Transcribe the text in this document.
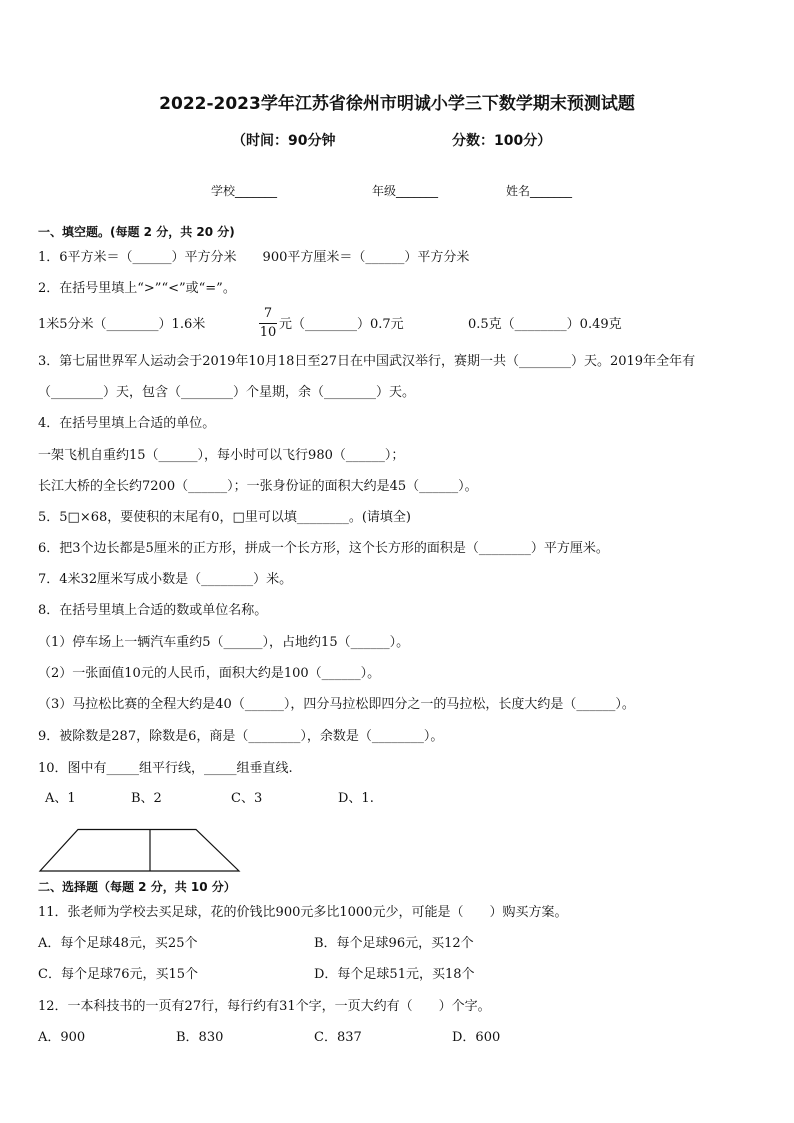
2022-2023学年江苏省徐州市明诚小学三下数学期末预测试题
（时间：90分钟	分数：100分）
学校_______	年级_______	姓名_______
一、填空题。(每题 2 分，共 20 分)
1．6平方米＝（______）平方分米　　900平方厘米＝（______）平方分米
2．在括号里填上“>”“<”或“=”。
1米5分米（________）1.6米
7
10
元（________）0.7元	0.5克（________）0.49克
3．第七届世界军人运动会于2019年10月18日至27日在中国武汉举行，赛期一共（________）天。2019年全年有
（________）天，包含（________）个星期，余（________）天。
4．在括号里填上合适的单位。
一架飞机自重约15（______），每小时可以飞行980（______）；
长江大桥的全长约7200（______）；一张身份证的面积大约是45（______）。
5．5□×68，要使积的末尾有0，□里可以填________。(请填全)
6．把3个边长都是5厘米的正方形，拼成一个长方形，这个长方形的面积是（________）平方厘米。
7．4米32厘米写成小数是（________）米。
8．在括号里填上合适的数或单位名称。
（1）停车场上一辆汽车重约5（______），占地约15（______）。
（2）一张面值10元的人民币，面积大约是100（______）。
（3）马拉松比赛的全程大约是40（______），四分马拉松即四分之一的马拉松，长度大约是（______）。
9．被除数是287，除数是6，商是（________），余数是（________）。
10．图中有_____组平行线，_____组垂直线.
A、1	B、2	C、3	D、1.
二、选择题（每题 2 分，共 10 分）
11．张老师为学校去买足球，花的价钱比900元多比1000元少，可能是（　　）购买方案。
A．每个足球48元，买25个	B．每个足球96元，买12个
C．每个足球76元，买15个	D．每个足球51元，买18个
12．一本科技书的一页有27行，每行约有31个字，一页大约有（　　）个字。
A．900	B．830	C．837	D．600
